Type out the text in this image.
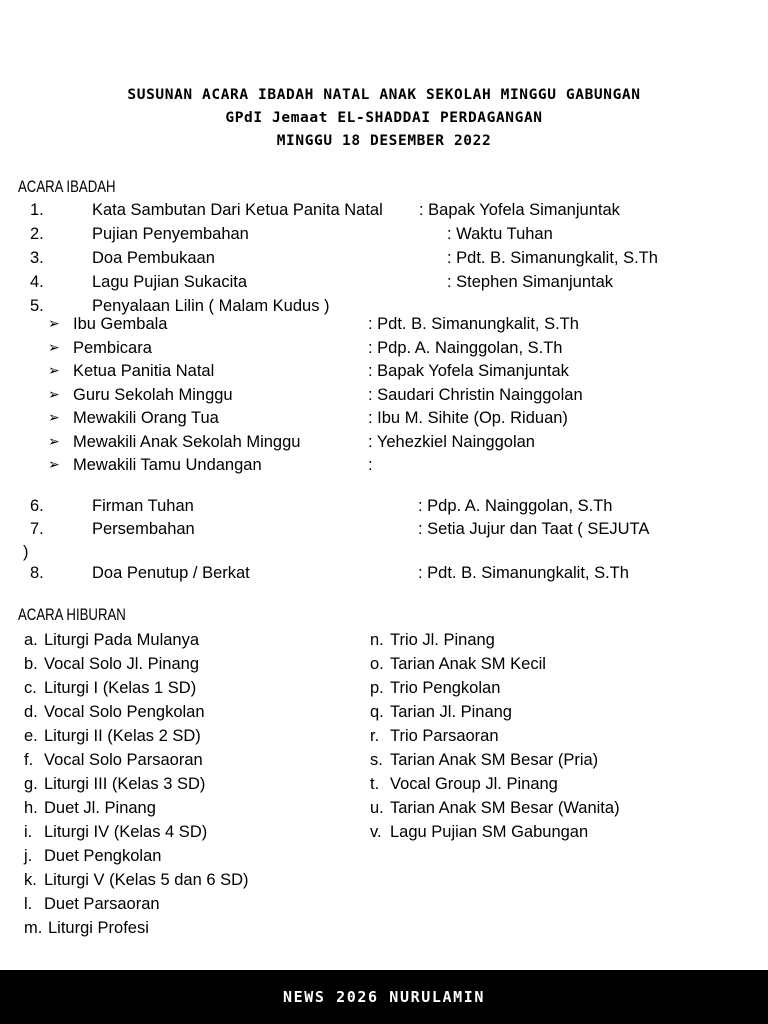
SUSUNAN ACARA IBADAH NATAL ANAK SEKOLAH MINGGU GABUNGAN
GPdI Jemaat EL-SHADDAI PERDAGANGAN
MINGGU 18 DESEMBER 2022
ACARA IBADAH
1.	Kata Sambutan Dari Ketua Panita Natal : Bapak Yofela Simanjuntak
2.	Pujian Penyembahan	: Waktu Tuhan
3.	Doa Pembukaan	: Pdt. B. Simanungkalit, S.Th
4.	Lagu Pujian Sukacita	: Stephen Simanjuntak
5.	Penyalaan Lilin ( Malam Kudus )
➢ Ibu Gembala	: Pdt. B. Simanungkalit, S.Th
➢ Pembicara	: Pdp. A. Nainggolan, S.Th
➢ Ketua Panitia Natal	: Bapak Yofela Simanjuntak
➢ Guru Sekolah Minggu	: Saudari Christin Nainggolan
➢ Mewakili Orang Tua	: Ibu M. Sihite (Op. Riduan)
➢ Mewakili Anak Sekolah Minggu	: Yehezkiel Nainggolan
➢ Mewakili Tamu Undangan	:
6.	Firman Tuhan	: Pdp. A. Nainggolan, S.Th
7.	Persembahan	: Setia Jujur dan Taat ( SEJUTA
)
8.	Doa Penutup / Berkat	: Pdt. B. Simanungkalit, S.Th
ACARA HIBURAN
a. Liturgi Pada Mulanya
b. Vocal Solo Jl. Pinang
c. Liturgi I (Kelas 1 SD)
d. Vocal Solo Pengkolan
e. Liturgi II (Kelas 2 SD)
f. Vocal Solo Parsaoran
g. Liturgi III (Kelas 3 SD)
h. Duet Jl. Pinang
i. Liturgi IV (Kelas 4 SD)
j. Duet Pengkolan
k. Liturgi V (Kelas 5 dan 6 SD)
l. Duet Parsaoran
m. Liturgi Profesi
n. Trio Jl. Pinang
o. Tarian Anak SM Kecil
p. Trio Pengkolan
q. Tarian Jl. Pinang
r. Trio Parsaoran
s. Tarian Anak SM Besar (Pria)
t. Vocal Group Jl. Pinang
u. Tarian Anak SM Besar (Wanita)
v. Lagu Pujian SM Gabungan
NEWS 2026 NURULAMIN
